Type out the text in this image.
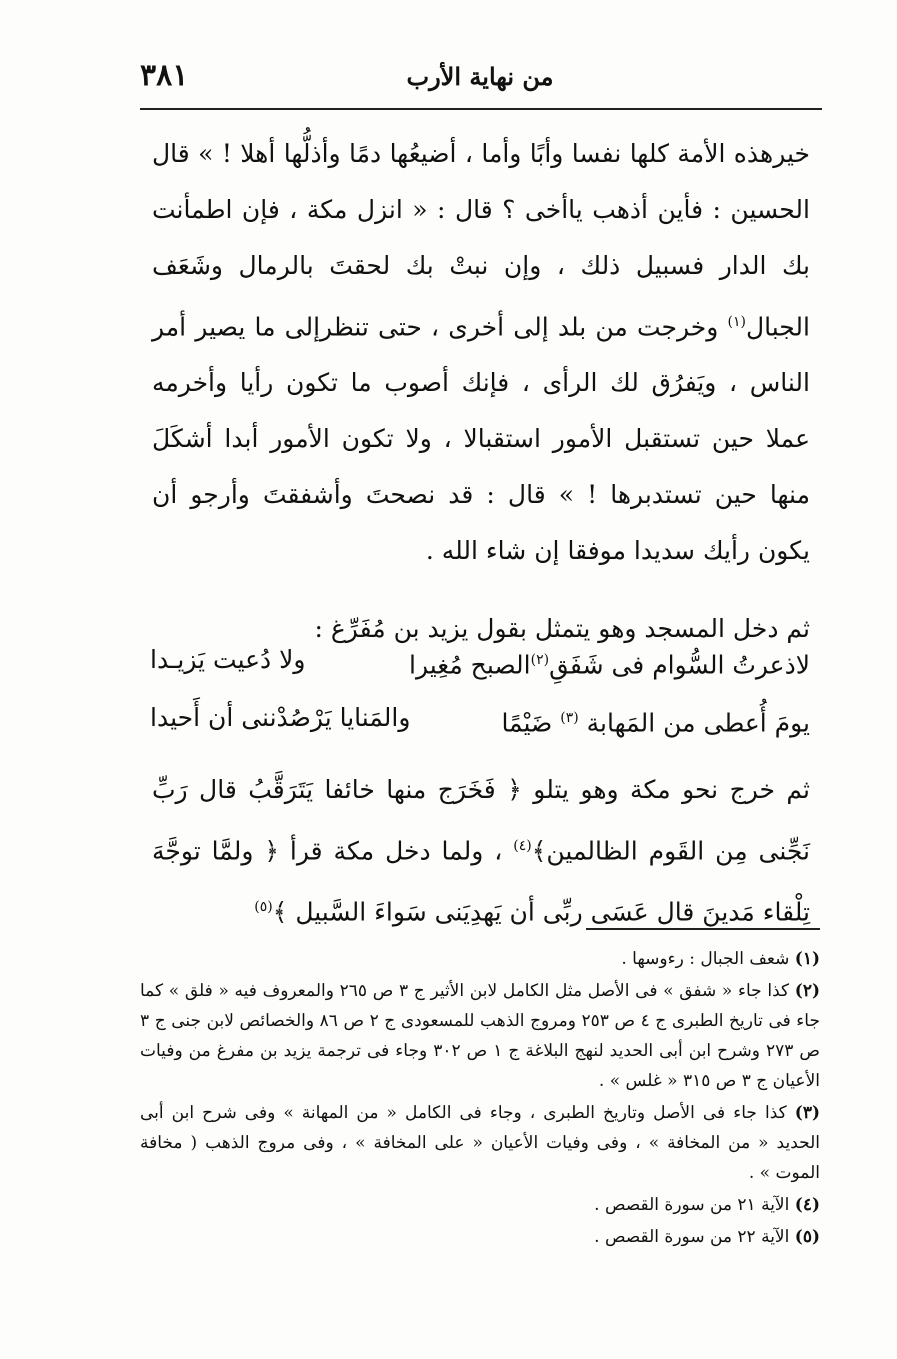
٣٨١	من نهاية الأرب

خيرهذه الأمة كلها نفسا وأبًا وأما ، أضيعُها دمًا وأذلُّها أهلا ! » قال الحسين : فأين أذهب ياأخى ؟ قال : « انزل مكة ، فإن اطمأنت بك الدار فسبيل ذلك ، وإن نبتْ بك لحقتَ بالرمال وشَعَف الجبال$^{(١)}$ وخرجت من بلد إلى أخرى ، حتى تنظرإلى ما يصير أمر الناس ، ويَفرُق لك الرأى ، فإنك أصوب ما تكون رأيا وأخرمه عملا حين تستقبل الأمور استقبالا ، ولا تكون الأمور أبدا أشكَلَ منها حين تستدبرها ! » قال : قد نصحتَ وأشفقتَ وأرجو أن يكون رأيك سديدا موفقا إن شاء الله .

ثم دخل المسجد وهو يتمثل بقول يزيد بن مُفَرِّغ :

لاذعرتُ السُّوام فى شَفَقِ$^{(٢)}$الصبح مُغِيرا
ولا دُعيت يَزيـدا
يومَ أُعطى من المَهابة $^{(٣)}$ ضَيْمًا
والمَنايا يَرْصُدْننى أن أَحيدا
ثم خرج نحو مكة وهو يتلو ﴿ فَخَرَج منها خائفا يَتَرَقَّبُ قال رَبِّ نَجِّنى مِن القَوم الظالمين﴾$^{(٤)}$ ، ولما دخل مكة قرأ ﴿ ولمَّا توجَّهَ تِلْقاء مَدينَ قال عَسَى ربِّى أن يَهدِيَنى سَواءَ السَّبيل ﴾$^{(٥)}$

(١) شعف الجبال : رءوسها .

(٢) كذا جاء « شفق » فى الأصل مثل الكامل لابن الأثير ج ٣ ص ٢٦٥ والمعروف فيه « فلق » كما جاء فى تاريخ الطبرى ج ٤ ص ٢٥٣ ومروج الذهب للمسعودى ج ٢ ص ٨٦ والخصائص لابن جنى ج ٣ ص ٢٧٣ وشرح ابن أبى الحديد لنهج البلاغة ج ١ ص ٣٠٢ وجاء فى ترجمة يزيد بن مفرغ من وفيات الأعيان ج ٣ ص ٣١٥ « غلس » .

(٣) كذا جاء فى الأصل وتاريخ الطبرى ، وجاء فى الكامل « من المهانة » وفى شرح ابن أبى الحديد « من المخافة » ، وفى وفيات الأعيان « على المخافة » ، وفى مروج الذهب ( مخافة الموت » .

(٤) الآية ٢١ من سورة القصص .

(٥) الآية ٢٢ من سورة القصص .
